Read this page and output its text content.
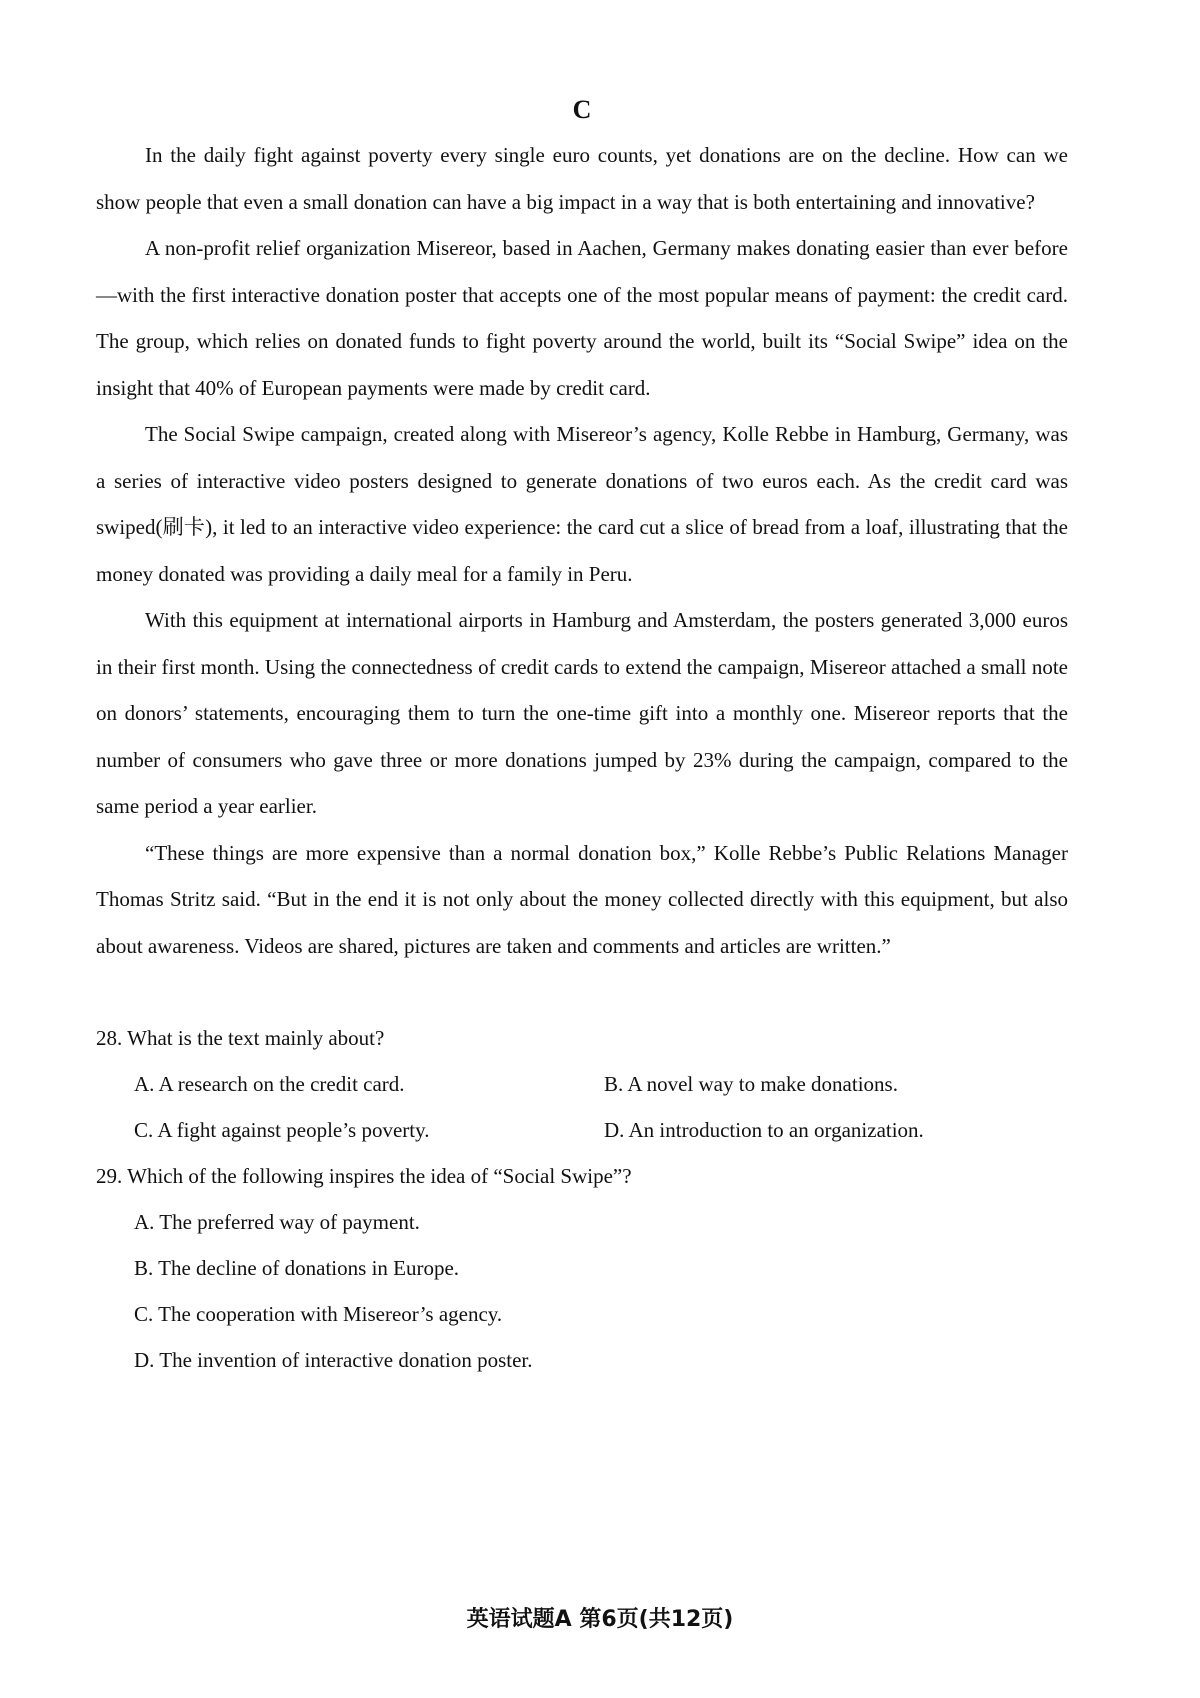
C

In the daily fight against poverty every single euro counts, yet donations are on the decline. How can we show people that even a small donation can have a big impact in a way that is both entertaining and innovative?

A non-profit relief organization Misereor, based in Aachen, Germany makes donating easier than ever before—with the first interactive donation poster that accepts one of the most popular means of payment: the credit card. The group, which relies on donated funds to fight poverty around the world, built its “Social Swipe” idea on the insight that 40% of European payments were made by credit card.

The Social Swipe campaign, created along with Misereor’s agency, Kolle Rebbe in Hamburg, Germany, was a series of interactive video posters designed to generate donations of two euros each. As the credit card was swiped(刷卡), it led to an interactive video experience: the card cut a slice of bread from a loaf, illustrating that the money donated was providing a daily meal for a family in Peru.

With this equipment at international airports in Hamburg and Amsterdam, the posters generated 3,000 euros in their first month. Using the connectedness of credit cards to extend the campaign, Misereor attached a small note on donors’ statements, encouraging them to turn the one-time gift into a monthly one. Misereor reports that the number of consumers who gave three or more donations jumped by 23% during the campaign, compared to the same period a year earlier.

“These things are more expensive than a normal donation box,” Kolle Rebbe’s Public Relations Manager Thomas Stritz said. “But in the end it is not only about the money collected directly with this equipment, but also about awareness. Videos are shared, pictures are taken and comments and articles are written.”

28. What is the text mainly about?

A. A research on the credit card.	B. A novel way to make donations.

C. A fight against people’s poverty.	D. An introduction to an organization.

29. Which of the following inspires the idea of “Social Swipe”?

A. The preferred way of payment.

B. The decline of donations in Europe.

C. The cooperation with Misereor’s agency.

D. The invention of interactive donation poster.

英语试题A 第6页(共12页)
